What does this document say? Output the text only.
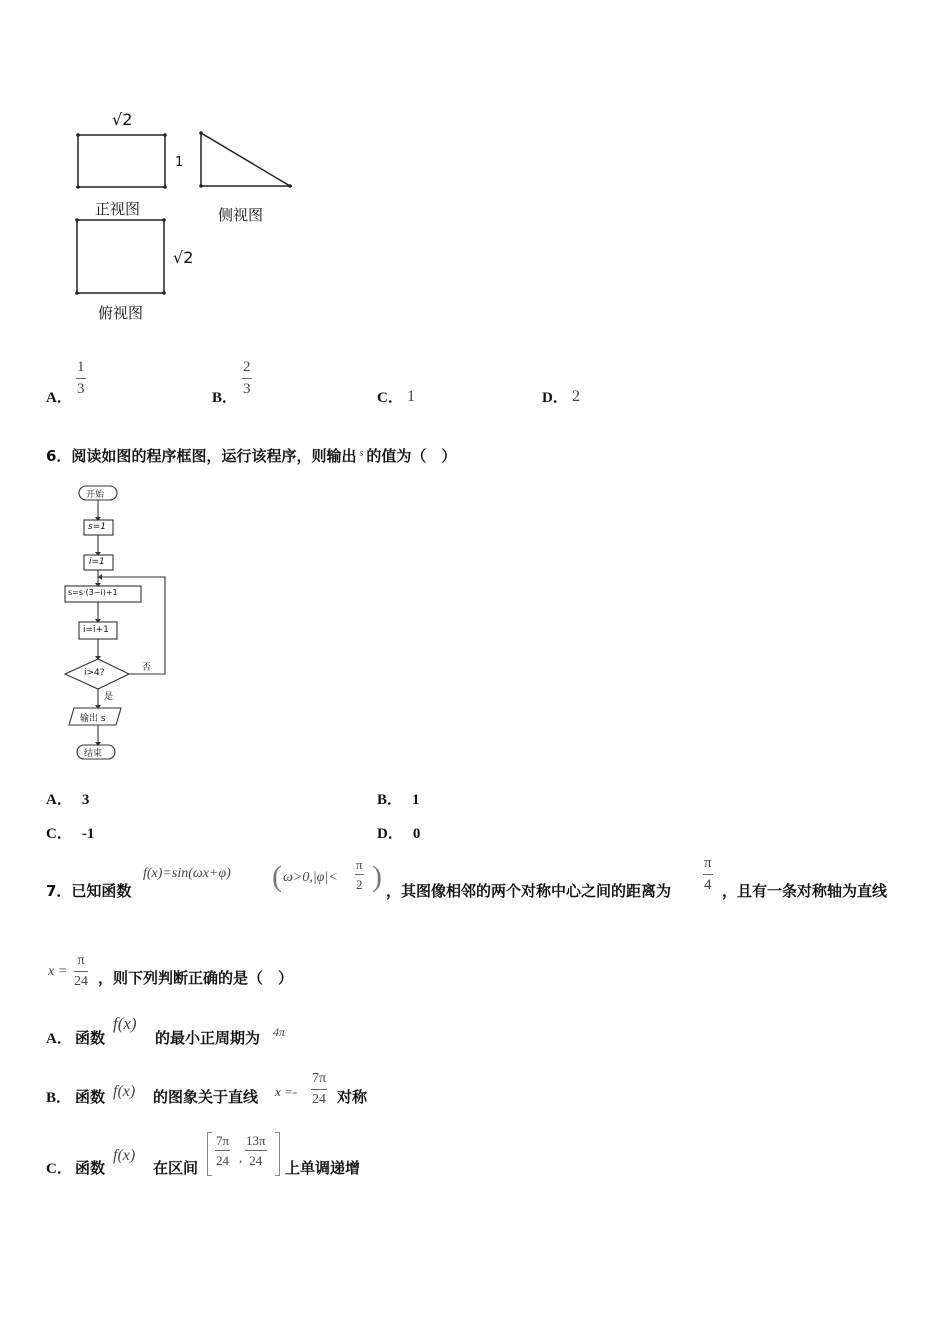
√2
1
正视图	侧视图
√2
俯视图
A．
$\frac{1}{3}$
B．
$\frac{2}{3}$
C． 1	D． 2
6．阅读如图的程序框图，运行该程序，则输出 $^s$ 的值为（　）
开始
s=1
i=1
s=s·(3−i)+1
i=i+1
i>4?	否
是
输出 s
结束
A． 3	B． 1
C． -1	D． 0
7．已知函数
f(x)=sin(ωx+φ) ( $\omega>0,|\varphi|< \frac{\pi}{2}$ ) ，其图像相邻的两个对称中心之间的距离为 $\frac{\pi}{4}$ ，且有一条对称轴为直线
$x = \frac{\pi}{24}$ ，则下列判断正确的是（　）
A． 函数
f(x)
的最小正周期为 4π
B． 函数 f(x) 的图象关于直线 $x =- \frac{7\pi}{24}$ 对称
C． 函数
f(x)
在区间
$\frac{7\pi}{24}$ , $\frac{13\pi}{24}$
上单调递增
